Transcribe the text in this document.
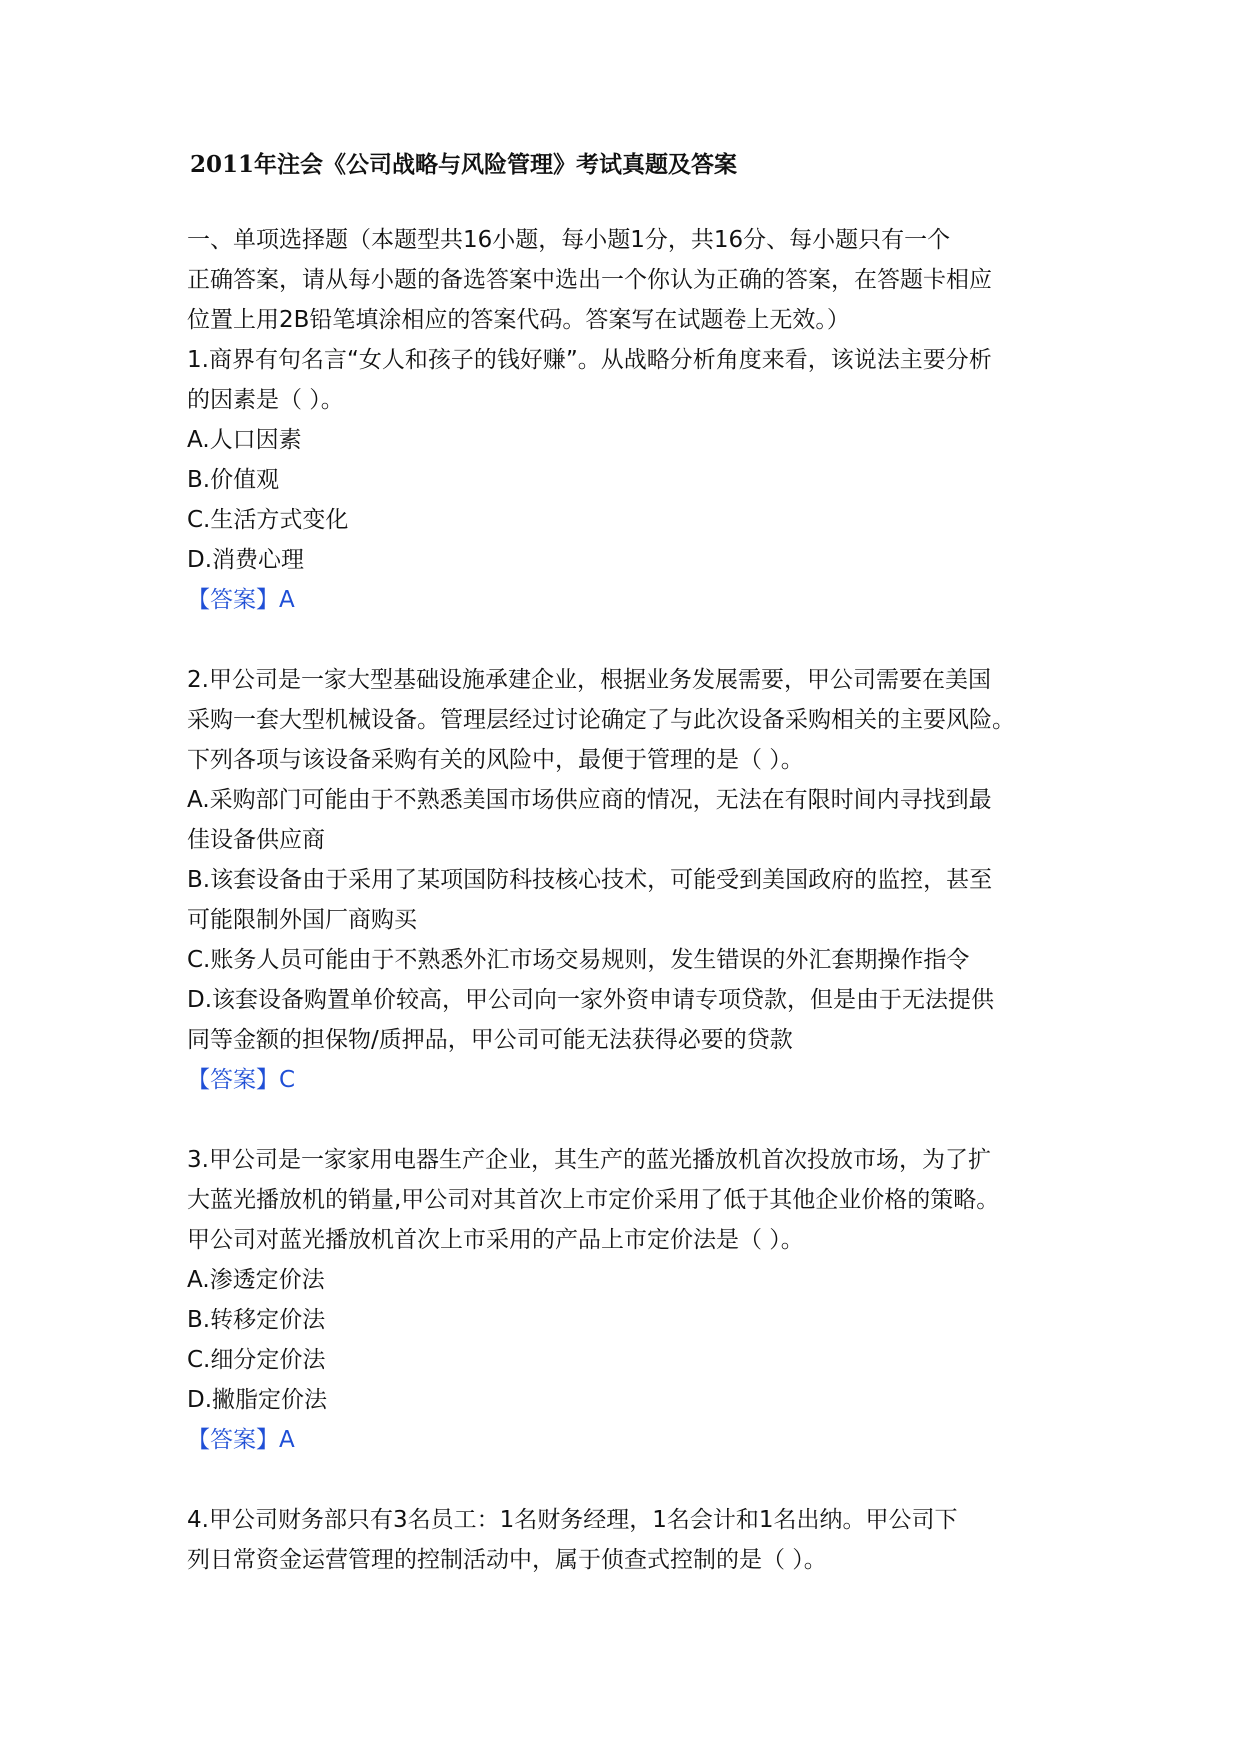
2011年注会《公司战略与风险管理》考试真题及答案
一、单项选择题（本题型共16小题，每小题1分，共16分、每小题只有一个
正确答案，请从每小题的备选答案中选出一个你认为正确的答案，在答题卡相应
位置上用2B铅笔填涂相应的答案代码。答案写在试题卷上无效。）
1.商界有句名言“女人和孩子的钱好赚”。从战略分析角度来看，该说法主要分析
的因素是（ ）。
A.人口因素
B.价值观
C.生活方式变化
D.消费心理
【答案】A
2.甲公司是一家大型基础设施承建企业，根据业务发展需要，甲公司需要在美国
采购一套大型机械设备。管理层经过讨论确定了与此次设备采购相关的主要风险。
下列各项与该设备采购有关的风险中，最便于管理的是（ ）。
A.采购部门可能由于不熟悉美国市场供应商的情况，无法在有限时间内寻找到最
佳设备供应商
B.该套设备由于采用了某项国防科技核心技术，可能受到美国政府的监控，甚至
可能限制外国厂商购买
C.账务人员可能由于不熟悉外汇市场交易规则，发生错误的外汇套期操作指令
D.该套设备购置单价较高，甲公司向一家外资申请专项贷款，但是由于无法提供
同等金额的担保物/质押品，甲公司可能无法获得必要的贷款
【答案】C
3.甲公司是一家家用电器生产企业，其生产的蓝光播放机首次投放市场，为了扩
大蓝光播放机的销量,甲公司对其首次上市定价采用了低于其他企业价格的策略。
甲公司对蓝光播放机首次上市采用的产品上市定价法是（ ）。
A.渗透定价法
B.转移定价法
C.细分定价法
D.撇脂定价法
【答案】A
4.甲公司财务部只有3名员工：1名财务经理，1名会计和1名出纳。甲公司下
列日常资金运营管理的控制活动中，属于侦查式控制的是（ ）。
